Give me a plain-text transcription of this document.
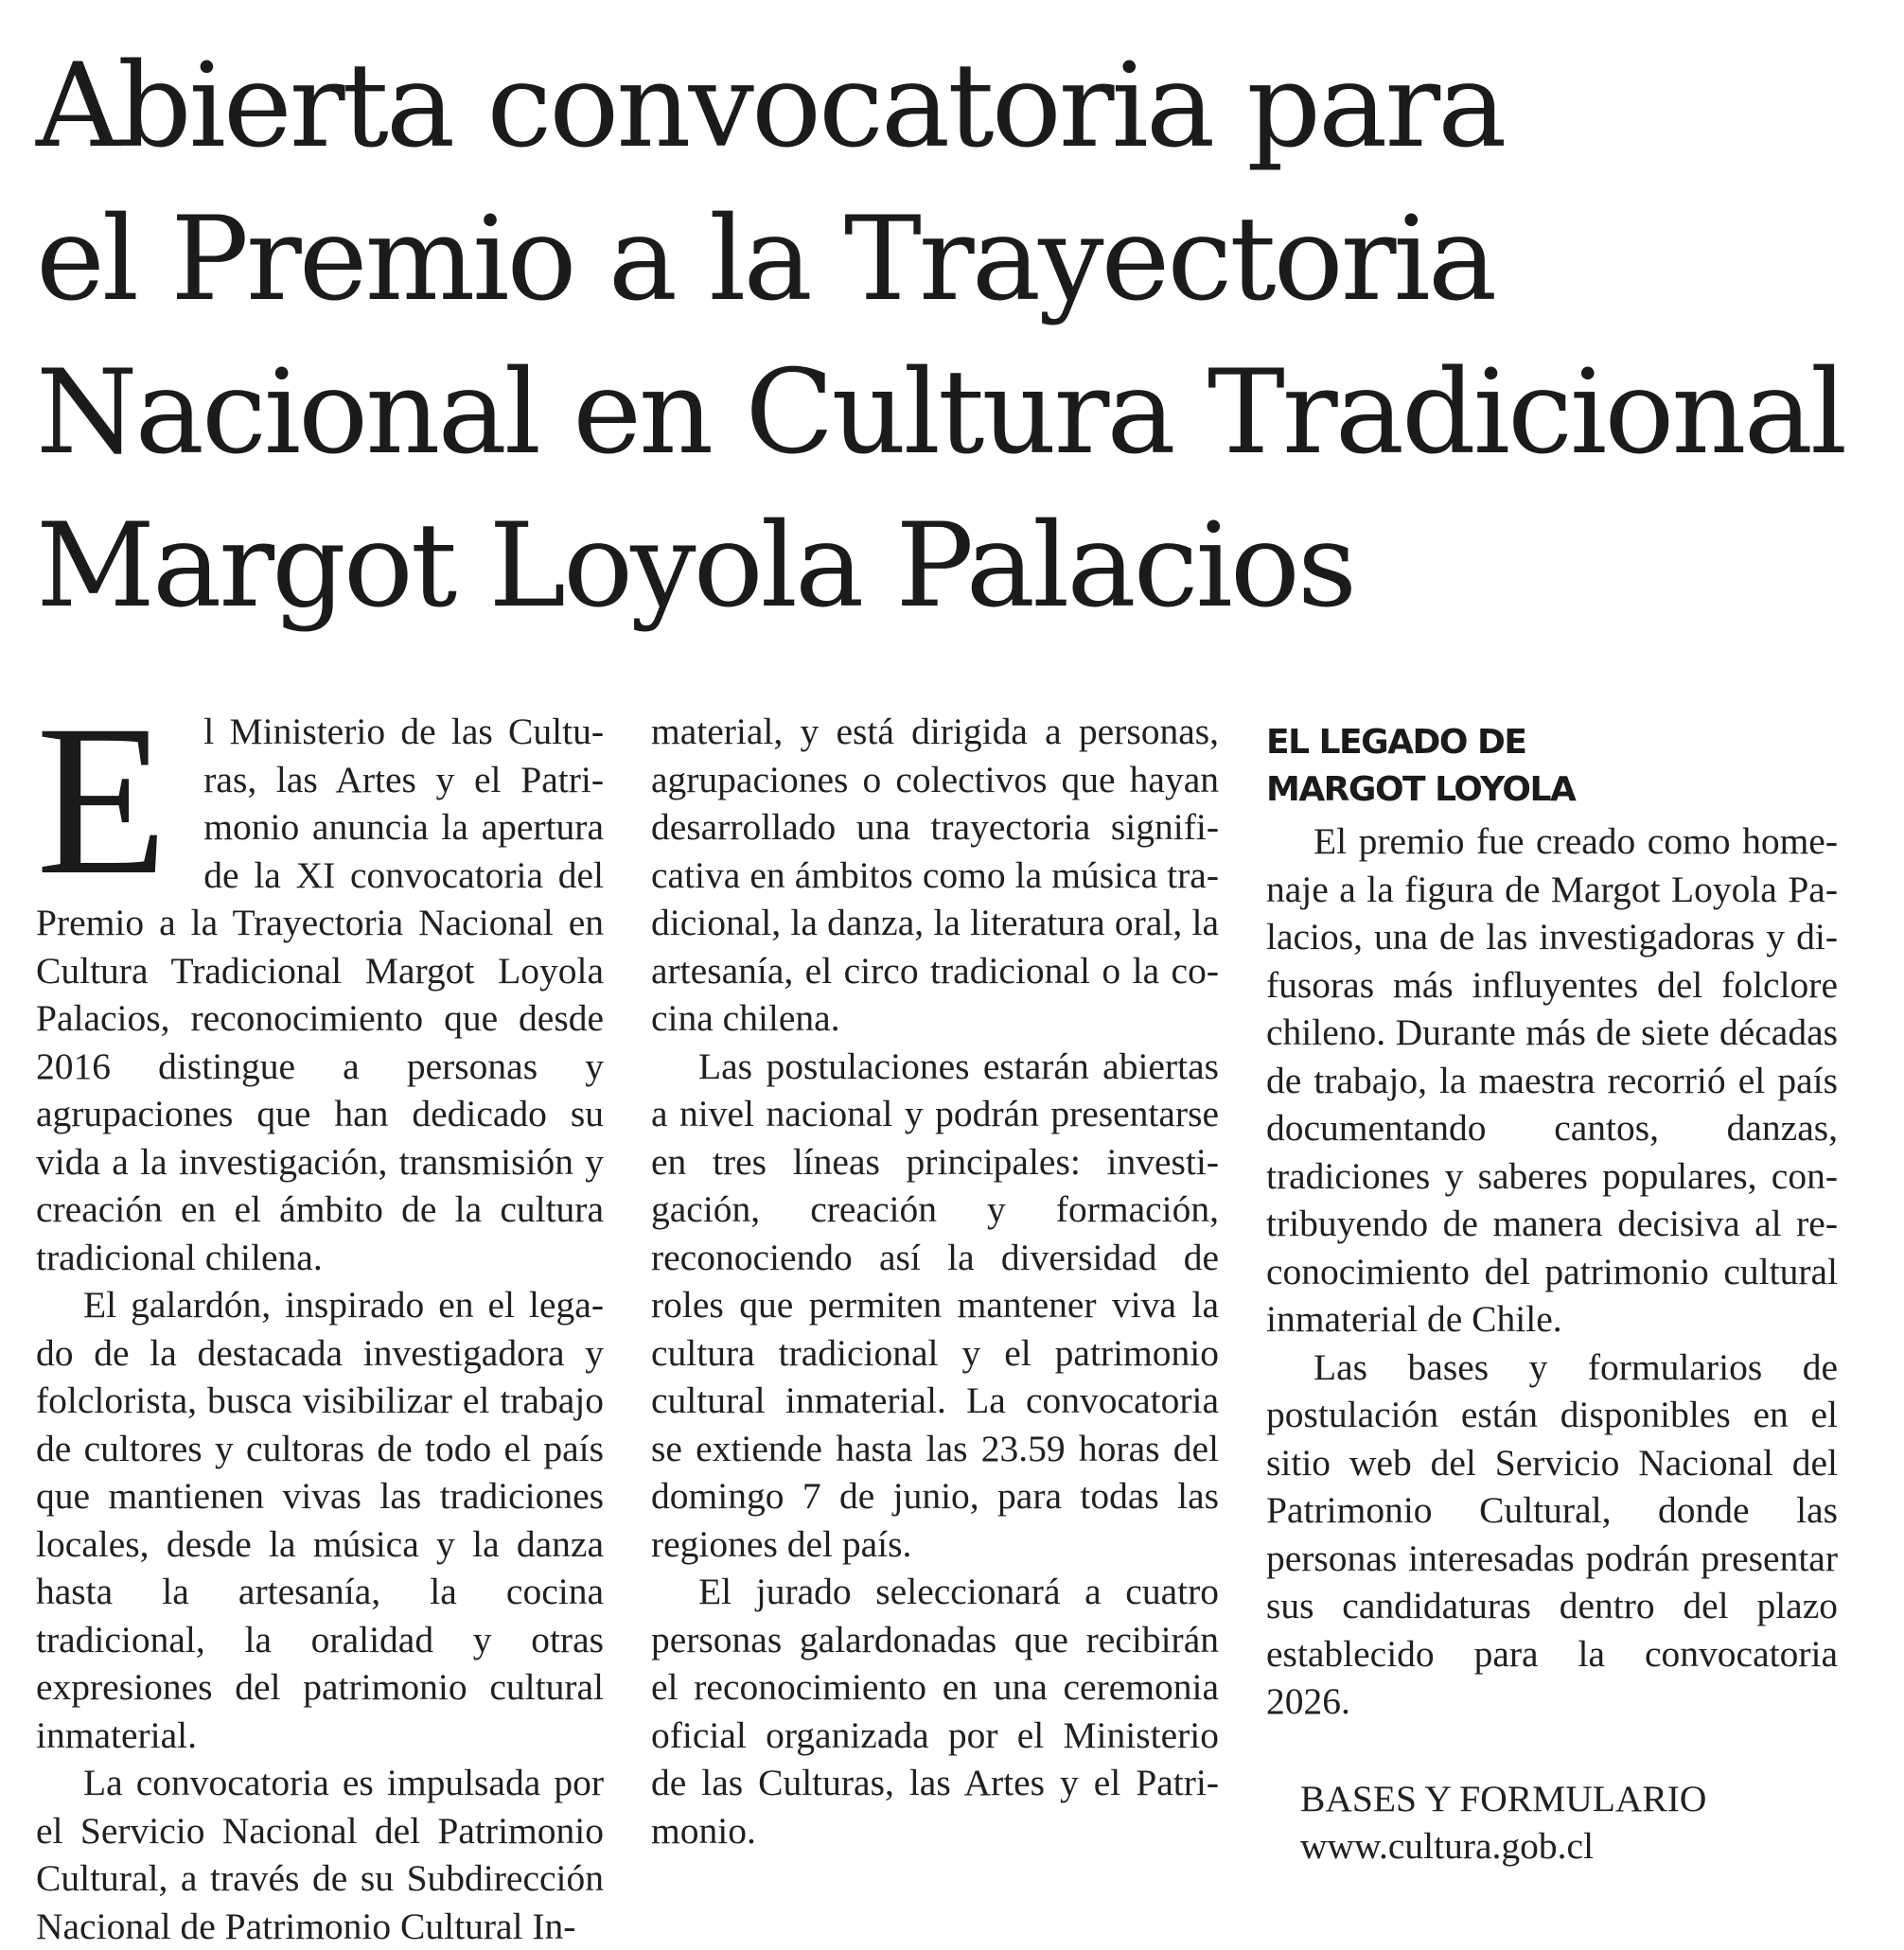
Abierta convocatoria para
el Premio a la Trayectoria
Nacional en Cultura Tradicional
Margot Loyola Palacios
E l Ministerio de las Culturas, las Artes y el Patrimonio anuncia la apertura de la XI convocatoria del Premio a la Trayectoria Nacional en Cultura Tradicional Margot Loyola Palacios, reconocimiento que desde 2016 distingue a personas y agrupaciones que han dedicado su vida a la investigación, transmisión y creación en el ámbito de la cultura tradicional chilena.

El galardón, inspirado en el legado de la destacada investigadora y folclorista, busca visibilizar el trabajo de cultores y cultoras de todo el país que mantienen vivas las tradiciones locales, desde la música y la danza hasta la artesanía, la cocina tradicional, la oralidad y otras expresiones del patrimonio cultural inmaterial.

La convocatoria es impulsada por el Servicio Nacional del Patrimonio Cultural, a través de su Subdirección Nacional de Patrimonio Cultural In-

material, y está dirigida a personas, agrupaciones o colectivos que hayan desarrollado una trayectoria significativa en ámbitos como la música tradicional, la danza, la literatura oral, la artesanía, el circo tradicional o la cocina chilena.

Las postulaciones estarán abiertas a nivel nacional y podrán presentarse en tres líneas principales: investigación, creación y formación, reconociendo así la diversidad de roles que permiten mantener viva la cultura tradicional y el patrimonio cultural inmaterial. La convocatoria se extiende hasta las 23.59 horas del domingo 7 de junio, para todas las regiones del país.

El jurado seleccionará a cuatro personas galardonadas que recibirán el reconocimiento en una ceremonia oficial organizada por el Ministerio de las Culturas, las Artes y el Patrimonio.

EL LEGADO DE
MARGOT LOYOLA

El premio fue creado como homenaje a la figura de Margot Loyola Palacios, una de las investigadoras y difusoras más influyentes del folclore chileno. Durante más de siete décadas de trabajo, la maestra recorrió el país documentando cantos, danzas, tradiciones y saberes populares, contribuyendo de manera decisiva al reconocimiento del patrimonio cultural inmaterial de Chile.

Las bases y formularios de postulación están disponibles en el sitio web del Servicio Nacional del Patrimonio Cultural, donde las personas interesadas podrán presentar sus candidaturas dentro del plazo establecido para la convocatoria 2026.

BASES Y FORMULARIO
www.cultura.gob.cl
